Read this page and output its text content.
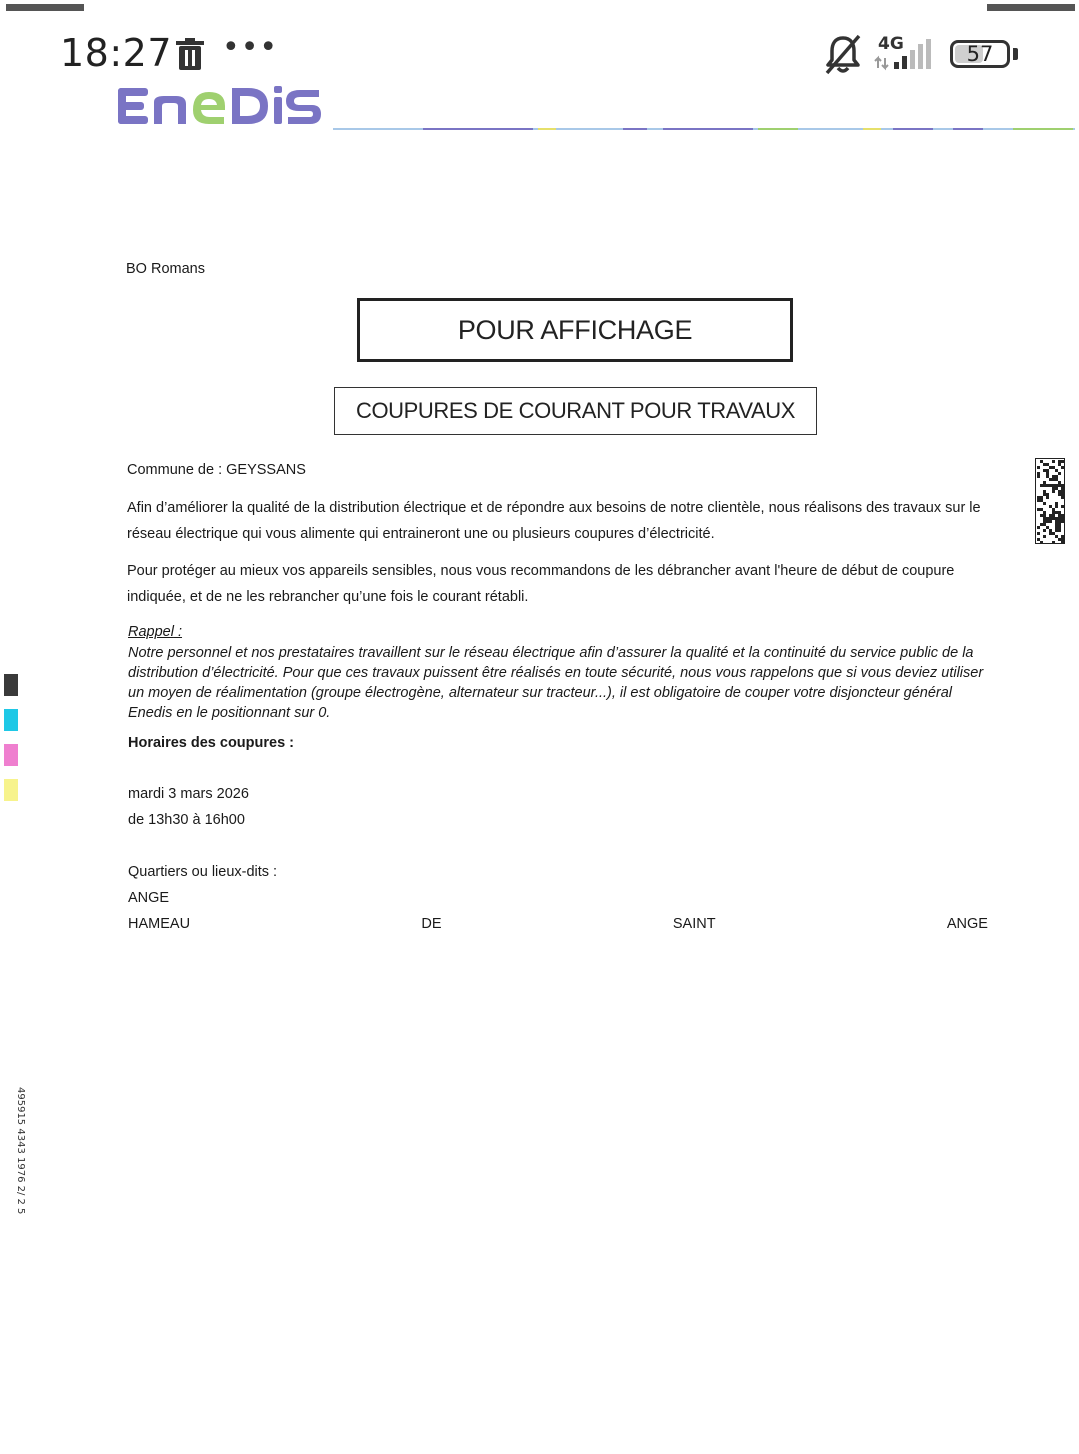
18:27 •••	4G	57
BO Romans
POUR AFFICHAGE
COUPURES DE COURANT POUR TRAVAUX
Commune de : GEYSSANS
Afin d’améliorer la qualité de la distribution électrique et de répondre aux besoins de notre clientèle, nous réalisons des travaux sur le réseau électrique qui vous alimente qui entraineront une ou plusieurs coupures d’électricité.
Pour protéger au mieux vos appareils sensibles, nous vous recommandons de les débrancher avant l'heure de début de coupure indiquée, et de ne les rebrancher qu’une fois le courant rétabli.
Rappel :
Notre personnel et nos prestataires travaillent sur le réseau électrique afin d’assurer la qualité et la continuité du service public de la distribution d’électricité. Pour que ces travaux puissent être réalisés en toute sécurité, nous vous rappelons que si vous deviez utiliser un moyen de réalimentation (groupe électrogène, alternateur sur tracteur...), il est obligatoire de couper votre disjoncteur général Enedis en le positionnant sur 0.
Horaires des coupures :
mardi 3 mars 2026
de 13h30 à 16h00
Quartiers ou lieux-dits :
ANGE
HAMEAU	DE	SAINT	ANGE
495915 4343 1976 2/ 2 5
